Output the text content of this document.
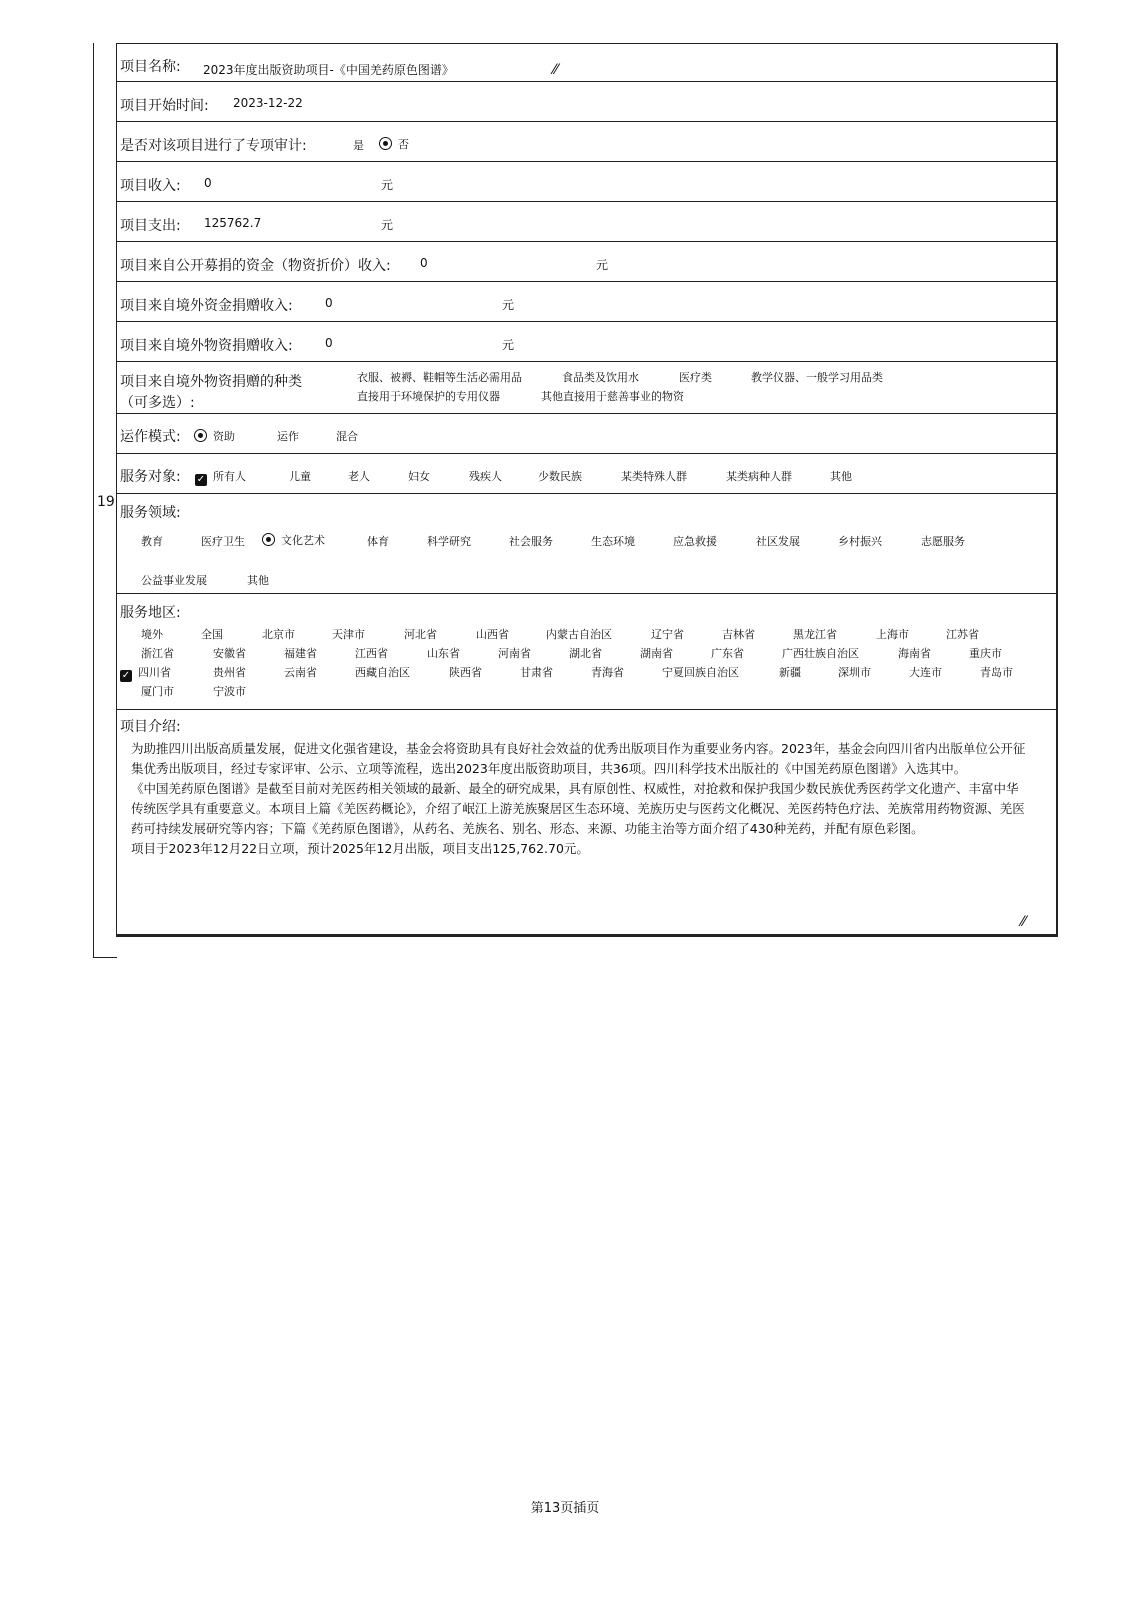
19
项目名称: 2023年度出版资助项目-《中国羌药原色图谱》	⁄⁄
项目开始时间: 2023-12-22
是否对该项目进行了专项审计:	是	否
项目收入: 0	元
项目支出: 125762.7	元
项目来自公开募捐的资金（物资折价）收入: 0	元
项目来自境外资金捐赠收入:	0	元
项目来自境外物资捐赠收入:	0	元
项目来自境外物资捐赠的种类
（可多选）:
衣服、被褥、鞋帽等生活必需用品	食品类及饮用水	医疗类	教学仪器、一般学习用品类
直接用于环境保护的专用仪器	其他直接用于慈善事业的物资
运作模式:	资助	运作	混合
服务对象: ✓ 所有人	儿童	老人	妇女	残疾人	少数民族	某类特殊人群	某类病种人群	其他
服务领域:
教育	医疗卫生	文化艺术	体育	科学研究	社会服务	生态环境	应急救援	社区发展	乡村振兴	志愿服务
公益事业发展	其他
服务地区:
境外	全国	北京市	天津市	河北省	山西省	内蒙古自治区	辽宁省	吉林省	黑龙江省	上海市	江苏省
浙江省	安徽省	福建省	江西省	山东省	河南省	湖北省	湖南省	广东省	广西壮族自治区	海南省	重庆市
✓ 四川省	贵州省	云南省	西藏自治区	陕西省	甘肃省	青海省	宁夏回族自治区	新疆	深圳市	大连市	青岛市
厦门市	宁波市
项目介绍:

为助推四川出版高质量发展，促进文化强省建设，基金会将资助具有良好社会效益的优秀出版项目作为重要业务内容。2023年，基金会向四川省内出版单位公开征集优秀出版项目，经过专家评审、公示、立项等流程，选出2023年度出版资助项目，共36项。四川科学技术出版社的《中国羌药原色图谱》入选其中。

《中国羌药原色图谱》是截至目前对羌医药相关领域的最新、最全的研究成果，具有原创性、权威性，对抢救和保护我国少数民族优秀医药学文化遗产、丰富中华传统医学具有重要意义。本项目上篇《羌医药概论》，介绍了岷江上游羌族聚居区生态环境、羌族历史与医药文化概况、羌医药特色疗法、羌族常用药物资源、羌医药可持续发展研究等内容；下篇《羌药原色图谱》，从药名、羌族名、别名、形态、来源、功能主治等方面介绍了430种羌药，并配有原色彩图。

项目于2023年12月22日立项，预计2025年12月出版，项目支出125,762.70元。

⁄⁄
第13页插页
